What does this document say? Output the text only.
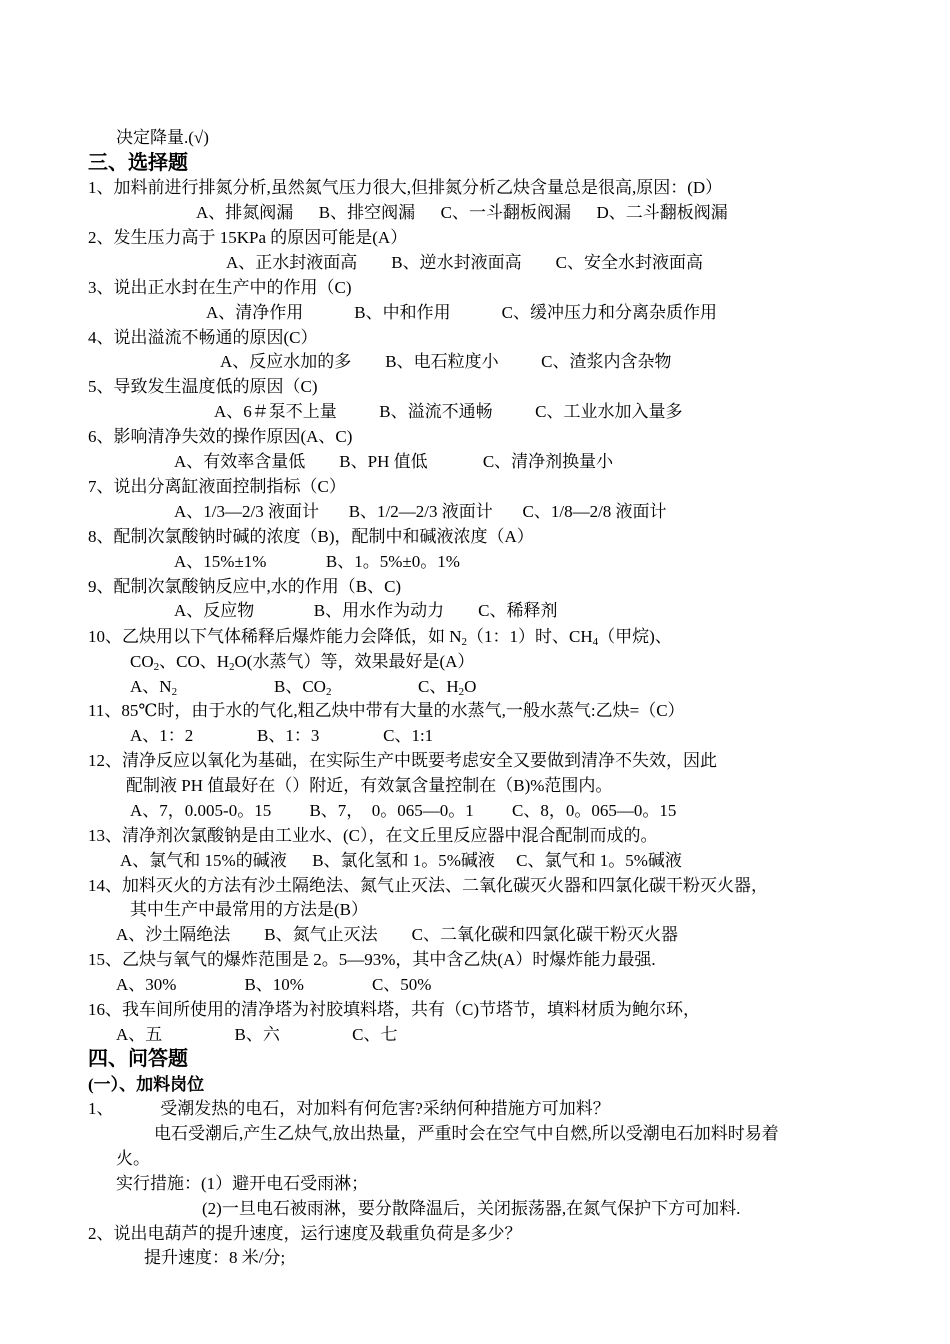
决定降量.(√)
三、选择题
1、加料前进行排氮分析,虽然氮气压力很大,但排氮分析乙炔含量总是很高,原因：(D）
A、排氮阀漏      B、排空阀漏      C、一斗翻板阀漏      D、二斗翻板阀漏
2、发生压力高于 15KPa 的原因可能是(A）
A、正水封液面高        B、逆水封液面高        C、安全水封液面高
3、说出正水封在生产中的作用（C)
A、清净作用            B、中和作用            C、缓冲压力和分离杂质作用
4、说出溢流不畅通的原因(C）
A、反应水加的多        B、电石粒度小          C、渣浆内含杂物
5、导致发生温度低的原因（C)
A、6＃泵不上量          B、溢流不通畅          C、工业水加入量多
6、影响清净失效的操作原因(A、C)
A、有效率含量低        B、PH 值低             C、清净剂换量小
7、说出分离缸液面控制指标（C）
A、1/3—2/3 液面计       B、1/2—2/3 液面计       C、1/8—2/8 液面计
8、配制次氯酸钠时碱的浓度（B)，配制中和碱液浓度（A）
A、15%±1%              B、1。5%±0。1%
9、配制次氯酸钠反应中,水的作用（B、C)
A、反应物              B、用水作为动力        C、稀释剂
10、乙炔用以下气体稀释后爆炸能力会降低，如 $N_2(1$：1）时、$CH_4$（甲烷)、
$CO_2$、CO、$H_2O$(水蒸气）等，效果最好是(A）
A、$N_2$	B、$CO_2$	C、$H_2O$
11、85℃时，由于水的气化,粗乙炔中带有大量的水蒸气,一般水蒸气:乙炔=（C）
A、1：2               B、1：3               C、1:1
12、清净反应以氧化为基础，在实际生产中既要考虑安全又要做到清净不失效，因此
配制液 PH 值最好在（）附近，有效氯含量控制在（B)%范围内。
A、7，0.005-0。15         B、7，  0。065—0。1         C、8，0。065—0。15
13、清净剂次氯酸钠是由工业水、(C），在文丘里反应器中混合配制而成的。
A、氯气和 15%的碱液      B、氯化氢和 1。5%碱液     C、氯气和 1。5%碱液
14、加料灭火的方法有沙土隔绝法、氮气止灭法、二氧化碳灭火器和四氯化碳干粉灭火器，
其中生产中最常用的方法是(B）
A、沙土隔绝法        B、氮气止灭法        C、二氧化碳和四氯化碳干粉灭火器
15、乙炔与氧气的爆炸范围是 2。5—93%，其中含乙炔(A）时爆炸能力最强.
A、30%                B、10%                C、50%
16、我车间所使用的清净塔为衬胶填料塔，共有（C)节塔节，填料材质为鲍尔环，
A、五                 B、六                 C、七
四、问答题
(一）、加料岗位
1、           受潮发热的电石，对加料有何危害?采纳何种措施方可加料？
电石受潮后,产生乙炔气,放出热量，严重时会在空气中自燃,所以受潮电石加料时易着
火。
实行措施：(1）避开电石受雨淋；
(2)一旦电石被雨淋，要分散降温后，关闭振荡器,在氮气保护下方可加料.
2、说出电葫芦的提升速度，运行速度及载重负荷是多少？
提升速度：8 米/分;
